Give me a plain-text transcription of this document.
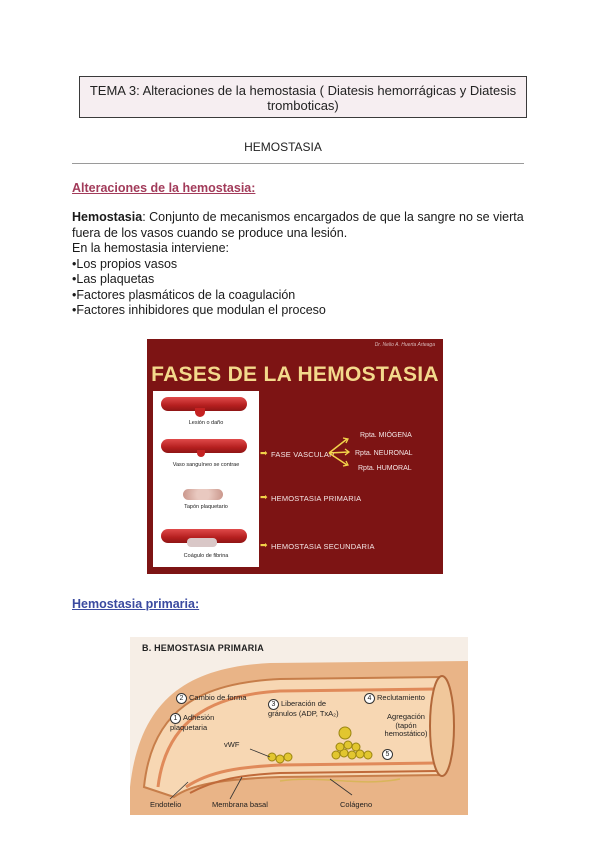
TEMA 3: Alteraciones de la hemostasia ( Diatesis hemorrágicas y Diatesis
tromboticas)
HEMOSTASIA
Alteraciones de la hemostasia:
Hemostasia: Conjunto de mecanismos encargados de que la sangre no se vierta fuera de los vasos cuando se produce una lesión.
En la hemostasia interviene:
• Los propios vasos
• Las plaquetas
• Factores plasmáticos de la coagulación
• Factores inhibidores que modulan el proceso
Dr. Nelio A. Huerta Arteaga
FASES DE LA HEMOSTASIA
Lesión o daño
Vaso sanguíneo se contrae
Tapón plaquetario
Coágulo de fibrina
➡ FASE VASCULAR
Rpta. MIÓGENA
Rpta. NEURONAL
Rpta. HUMORAL
➡ HEMOSTASIA PRIMARIA
➡ HEMOSTASIA SECUNDARIA
Hemostasia primaria:
B. HEMOSTASIA PRIMARIA
2 Cambio de forma
1 Adhesión plaquetaria
3 Liberación de gránulos (ADP, TxA₂)
4 Reclutamiento
Agregación (tapón hemostático)
5
vWF
Endotelio	Membrana basal	Colágeno
